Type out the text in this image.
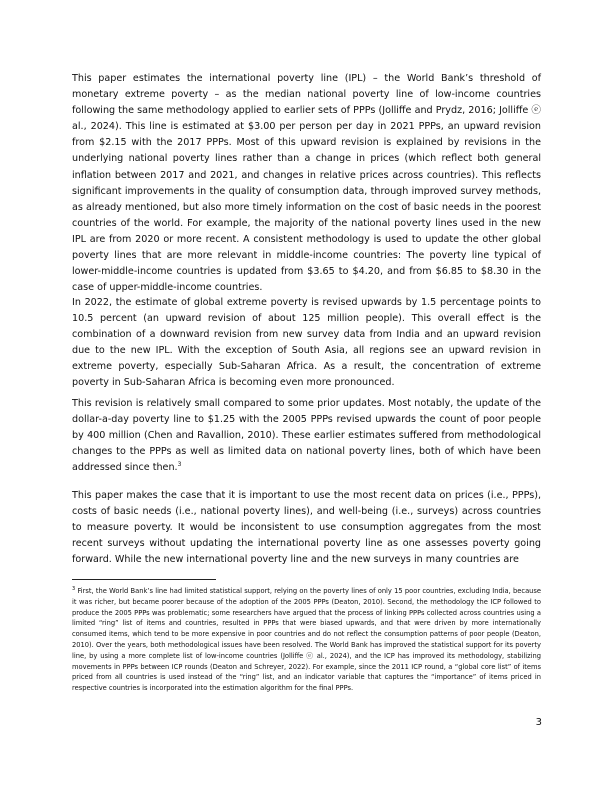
This paper estimates the international poverty line (IPL) – the World Bank’s threshold of monetary extreme poverty – as the median national poverty line of low-income countries following the same methodology applied to earlier sets of PPPs (Jolliffe and Prydz, 2016; Jolliffe ⓔ al., 2024). This line is estimated at $3.00 per person per day in 2021 PPPs, an upward revision from $2.15 with the 2017 PPPs. Most of this upward revision is explained by revisions in the underlying national poverty lines rather than a change in prices (which reflect both general inflation between 2017 and 2021, and changes in relative prices across countries). This reflects significant improvements in the quality of consumption data, through improved survey methods, as already mentioned, but also more timely information on the cost of basic needs in the poorest countries of the world. For example, the majority of the national poverty lines used in the new IPL are from 2020 or more recent. A consistent methodology is used to update the other global poverty lines that are more relevant in middle-income countries: The poverty line typical of lower-middle-income countries is updated from $3.65 to $4.20, and from $6.85 to $8.30 in the case of upper-middle-income countries.

In 2022, the estimate of global extreme poverty is revised upwards by 1.5 percentage points to 10.5 percent (an upward revision of about 125 million people). This overall effect is the combination of a downward revision from new survey data from India and an upward revision due to the new IPL. With the exception of South Asia, all regions see an upward revision in extreme poverty, especially Sub-Saharan Africa. As a result, the concentration of extreme poverty in Sub-Saharan Africa is becoming even more pronounced.

This revision is relatively small compared to some prior updates. Most notably, the update of the dollar-a-day poverty line to $1.25 with the 2005 PPPs revised upwards the count of poor people by 400 million (Chen and Ravallion, 2010). These earlier estimates suffered from methodological changes to the PPPs as well as limited data on national poverty lines, both of which have been addressed since then.$^3$

This paper makes the case that it is important to use the most recent data on prices (i.e., PPPs), costs of basic needs (i.e., national poverty lines), and well-being (i.e., surveys) across countries to measure poverty. It would be inconsistent to use consumption aggregates from the most recent surveys without updating the international poverty line as one assesses poverty going forward. While the new international poverty line and the new surveys in many countries are

$^3$ First, the World Bank’s line had limited statistical support, relying on the poverty lines of only 15 poor countries, excluding India, because it was richer, but became poorer because of the adoption of the 2005 PPPs (Deaton, 2010). Second, the methodology the ICP followed to produce the 2005 PPPs was problematic; some researchers have argued that the process of linking PPPs collected across countries using a limited “ring” list of items and countries, resulted in PPPs that were biased upwards, and that were driven by more internationally consumed items, which tend to be more expensive in poor countries and do not reflect the consumption patterns of poor people (Deaton, 2010). Over the years, both methodological issues have been resolved. The World Bank has improved the statistical support for its poverty line, by using a more complete list of low-income countries (Jolliffe ⓔ al., 2024), and the ICP has improved its methodology, stabilizing movements in PPPs between ICP rounds (Deaton and Schreyer, 2022). For example, since the 2011 ICP round, a “global core list” of items priced from all countries is used instead of the “ring” list, and an indicator variable that captures the “importance” of items priced in respective countries is incorporated into the estimation algorithm for the final PPPs.

3
